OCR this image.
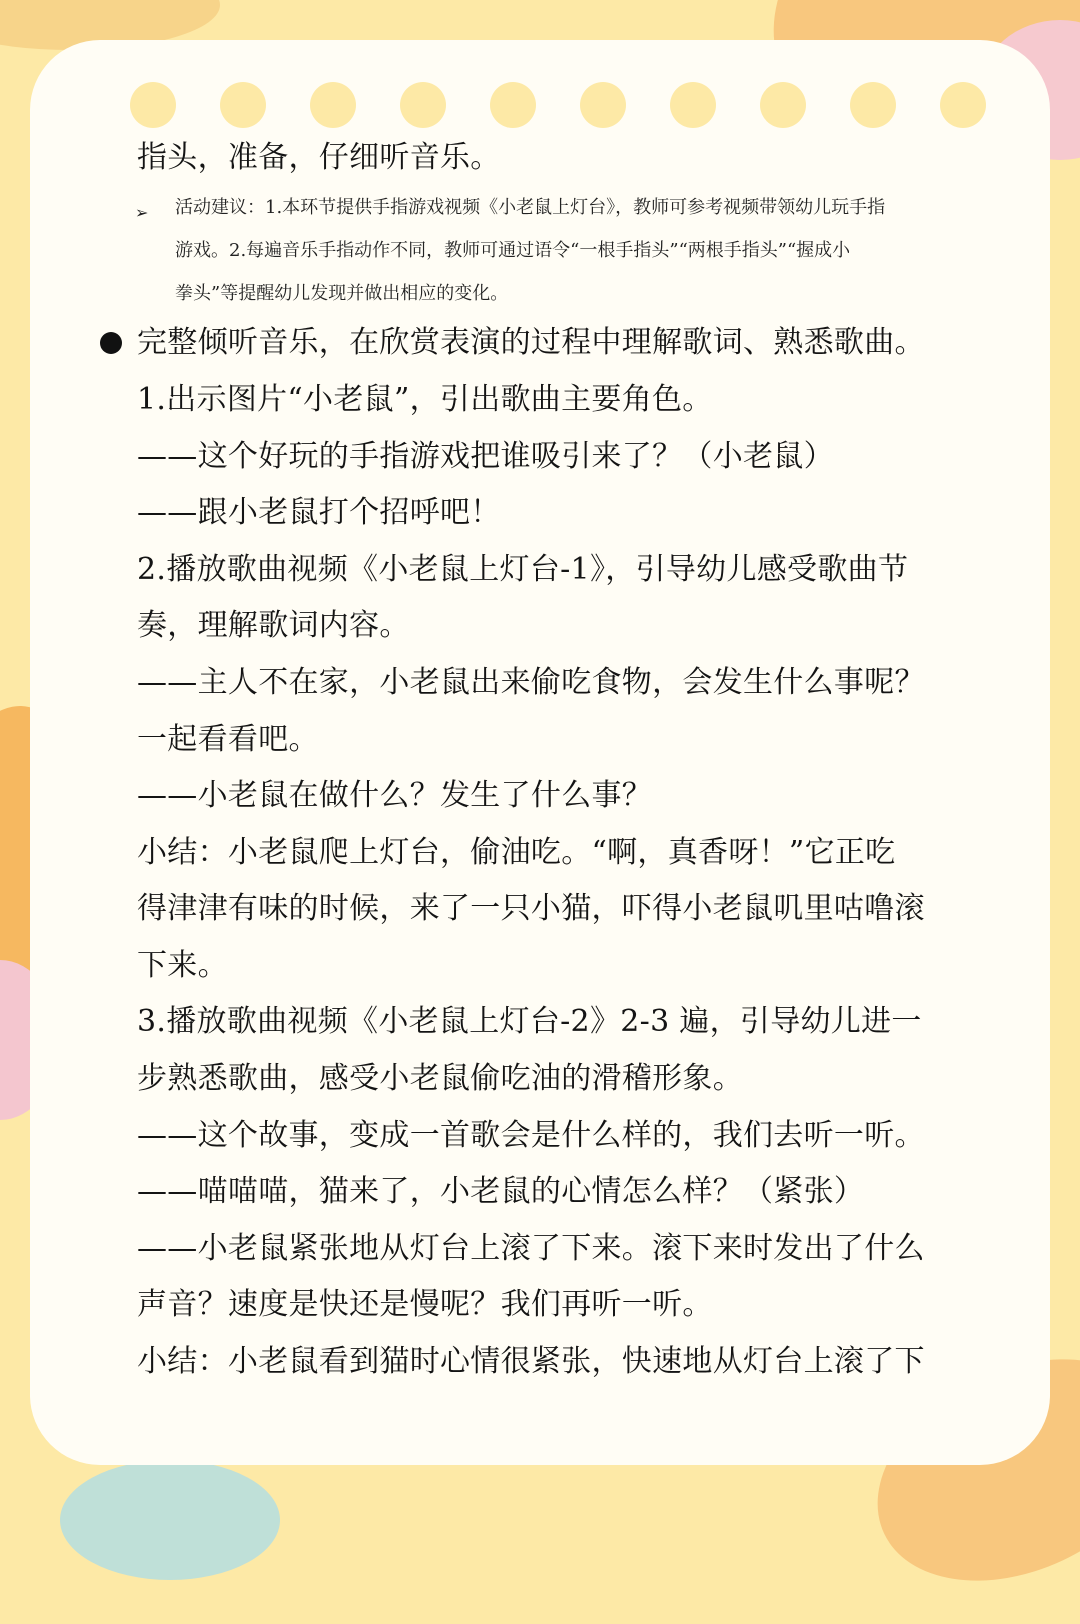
指头，准备，仔细听音乐。
➢ 活动建议：1.本环节提供手指游戏视频《小老鼠上灯台》，教师可参考视频带领幼儿玩手指
游戏。2.每遍音乐手指动作不同，教师可通过语令“一根手指头”“两根手指头”“握成小
拳头”等提醒幼儿发现并做出相应的变化。
完整倾听音乐，在欣赏表演的过程中理解歌词、熟悉歌曲。
1.出示图片“小老鼠”，引出歌曲主要角色。
——这个好玩的手指游戏把谁吸引来了？（小老鼠）
——跟小老鼠打个招呼吧！
2.播放歌曲视频《小老鼠上灯台-1》，引导幼儿感受歌曲节
奏，理解歌词内容。
——主人不在家，小老鼠出来偷吃食物，会发生什么事呢？
一起看看吧。
——小老鼠在做什么？发生了什么事？
小结：小老鼠爬上灯台，偷油吃。“啊，真香呀！”它正吃
得津津有味的时候，来了一只小猫，吓得小老鼠叽里咕噜滚
下来。
3.播放歌曲视频《小老鼠上灯台-2》2-3 遍，引导幼儿进一
步熟悉歌曲，感受小老鼠偷吃油的滑稽形象。
——这个故事，变成一首歌会是什么样的，我们去听一听。
——喵喵喵，猫来了，小老鼠的心情怎么样？（紧张）
——小老鼠紧张地从灯台上滚了下来。滚下来时发出了什么
声音？速度是快还是慢呢？我们再听一听。
小结：小老鼠看到猫时心情很紧张，快速地从灯台上滚了下
